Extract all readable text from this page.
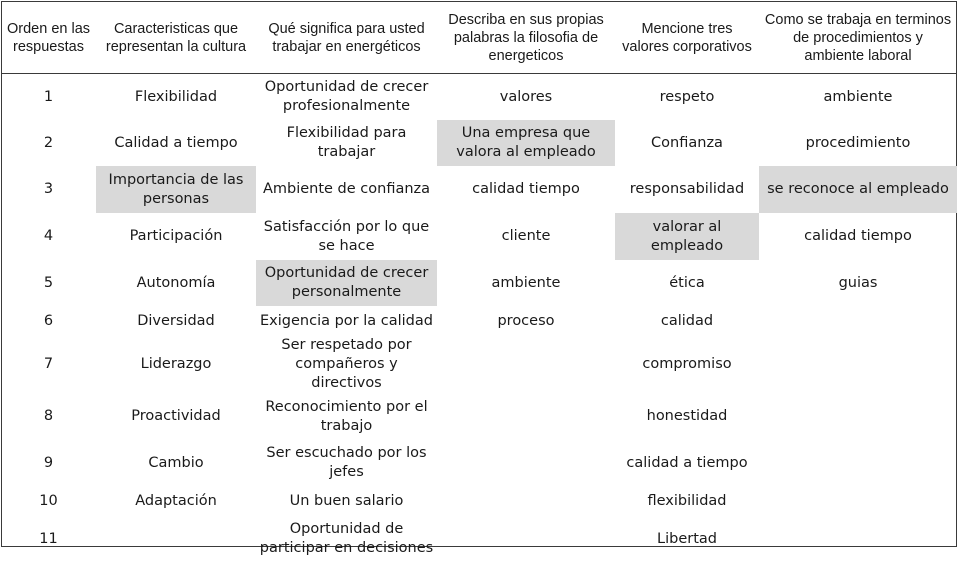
Orden en las respuestas	Caracteristicas que representan la cultura	Qué significa para usted trabajar en energéticos	Describa en sus propias palabras la filosofia de energeticos	Mencione tres valores corporativos	Como se trabaja en terminos de procedimientos y ambiente laboral
1	Flexibilidad	Oportunidad de crecer profesionalmente	valores	respeto	ambiente
2	Calidad a tiempo	Flexibilidad para trabajar	Una empresa que valora al empleado	Confianza	procedimiento
3	Importancia de las personas	Ambiente de confianza	calidad tiempo	responsabilidad	se reconoce al empleado
4	Participación	Satisfacción por lo que se hace	cliente	valorar al empleado	calidad tiempo
5	Autonomía	Oportunidad de crecer personalmente	ambiente	ética	guias
6	Diversidad	Exigencia por la calidad	proceso	calidad	
7	Liderazgo	Ser respetado por compañeros y directivos		compromiso	
8	Proactividad	Reconocimiento por el trabajo		honestidad	
9	Cambio	Ser escuchado por los jefes		calidad a tiempo	
10	Adaptación	Un buen salario		flexibilidad	
11		Oportunidad de participar en decisiones		Libertad	
